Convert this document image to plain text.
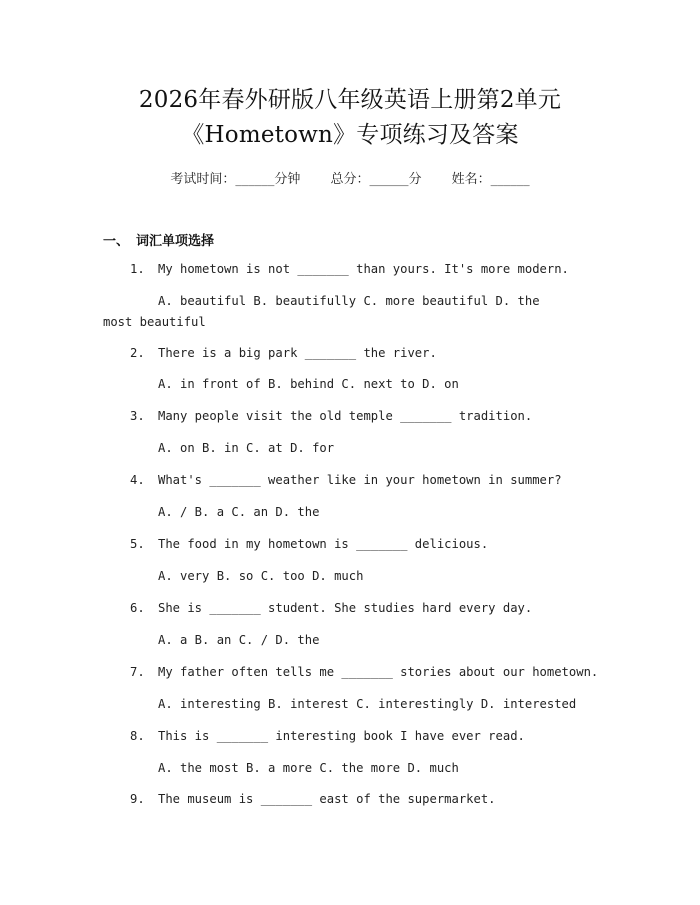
2026年春外研版八年级英语上册第2单元
《Hometown》专项练习及答案
考试时间：______分钟 总分：______分 姓名：______
一、 词汇单项选择
1. My hometown is not _______ than yours. It's more modern.
A. beautiful B. beautifully C. more beautiful D. the most beautiful
2. There is a big park _______ the river.
A. in front of B. behind C. next to D. on
3. Many people visit the old temple _______ tradition.
A. on B. in C. at D. for
4. What's _______ weather like in your hometown in summer?
A. / B. a C. an D. the
5. The food in my hometown is _______ delicious.
A. very B. so C. too D. much
6. She is _______ student. She studies hard every day.
A. a B. an C. / D. the
7. My father often tells me _______ stories about our hometown.
A. interesting B. interest C. interestingly D. interested
8. This is _______ interesting book I have ever read.
A. the most B. a more C. the more D. much
9. The museum is _______ east of the supermarket.
